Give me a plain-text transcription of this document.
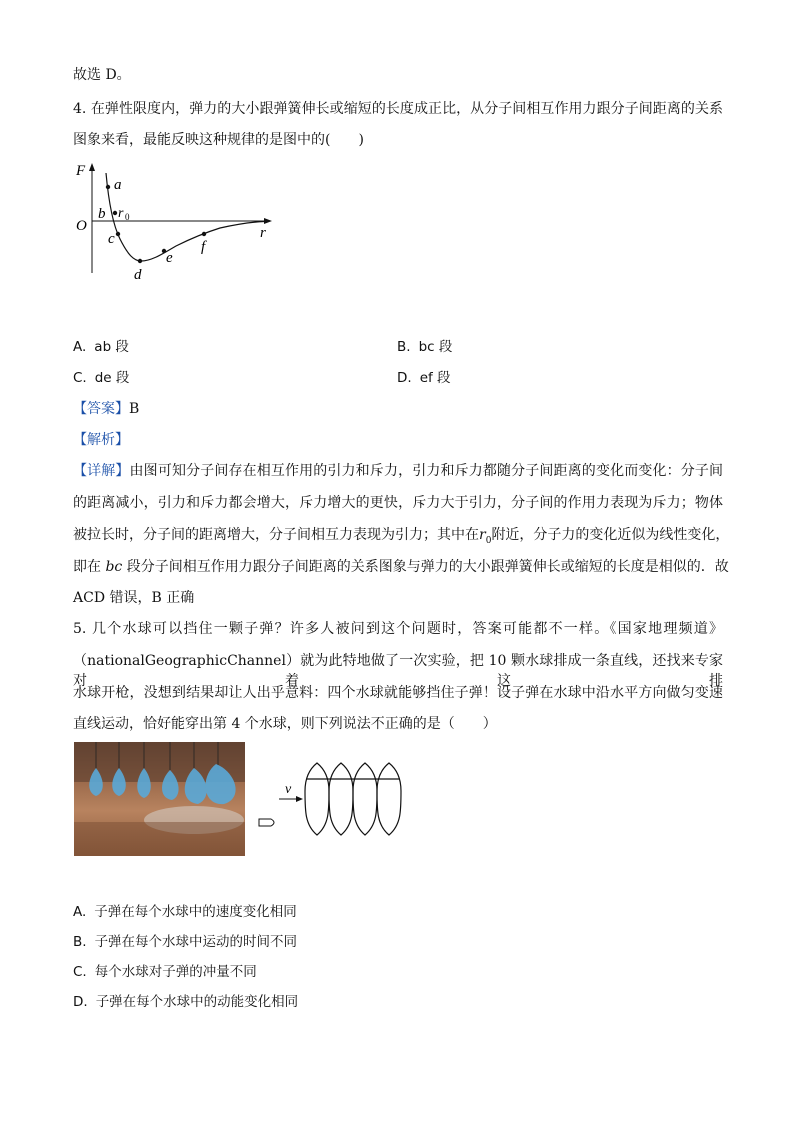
故选 D。
4. 在弹性限度内，弹力的大小跟弹簧伸长或缩短的长度成正比，从分子间相互作用力跟分子间距离的关系
图象来看，最能反映这种规律的是图中的(　　)
F
O	r
a
b r 0
c
d
e
f
A. ab 段	B. bc 段
C. de 段	D. ef 段
【答案】B
【解析】
【详解】由图可知分子间存在相互作用的引力和斥力，引力和斥力都随分子间距离的变化而变化：分子间
的距离减小，引力和斥力都会增大，斥力增大的更快，斥力大于引力，分子间的作用力表现为斥力；物体
被拉长时，分子间的距离增大，分子间相互力表现为引力；其中在$r_0$附近，分子力的变化近似为线性变化，
即在 bc 段分子间相互作用力跟分子间距离的关系图象与弹力的大小跟弹簧伸长或缩短的长度是相似的．故
ACD 错误，B 正确
5. 几个水球可以挡住一颗子弹？许多人被问到这个问题时，答案可能都不一样。《国家地理频道》
（nationalGeographicChannel）就为此特地做了一次实验，把 10 颗水球排成一条直线，还找来专家对着这排
水球开枪，没想到结果却让人出乎意料：四个水球就能够挡住子弹！设子弹在水球中沿水平方向做匀变速
直线运动，恰好能穿出第 4 个水球，则下列说法不正确的是（　　）
v
A. 子弹在每个水球中的速度变化相同
B. 子弹在每个水球中运动的时间不同
C. 每个水球对子弹的冲量不同
D. 子弹在每个水球中的动能变化相同
